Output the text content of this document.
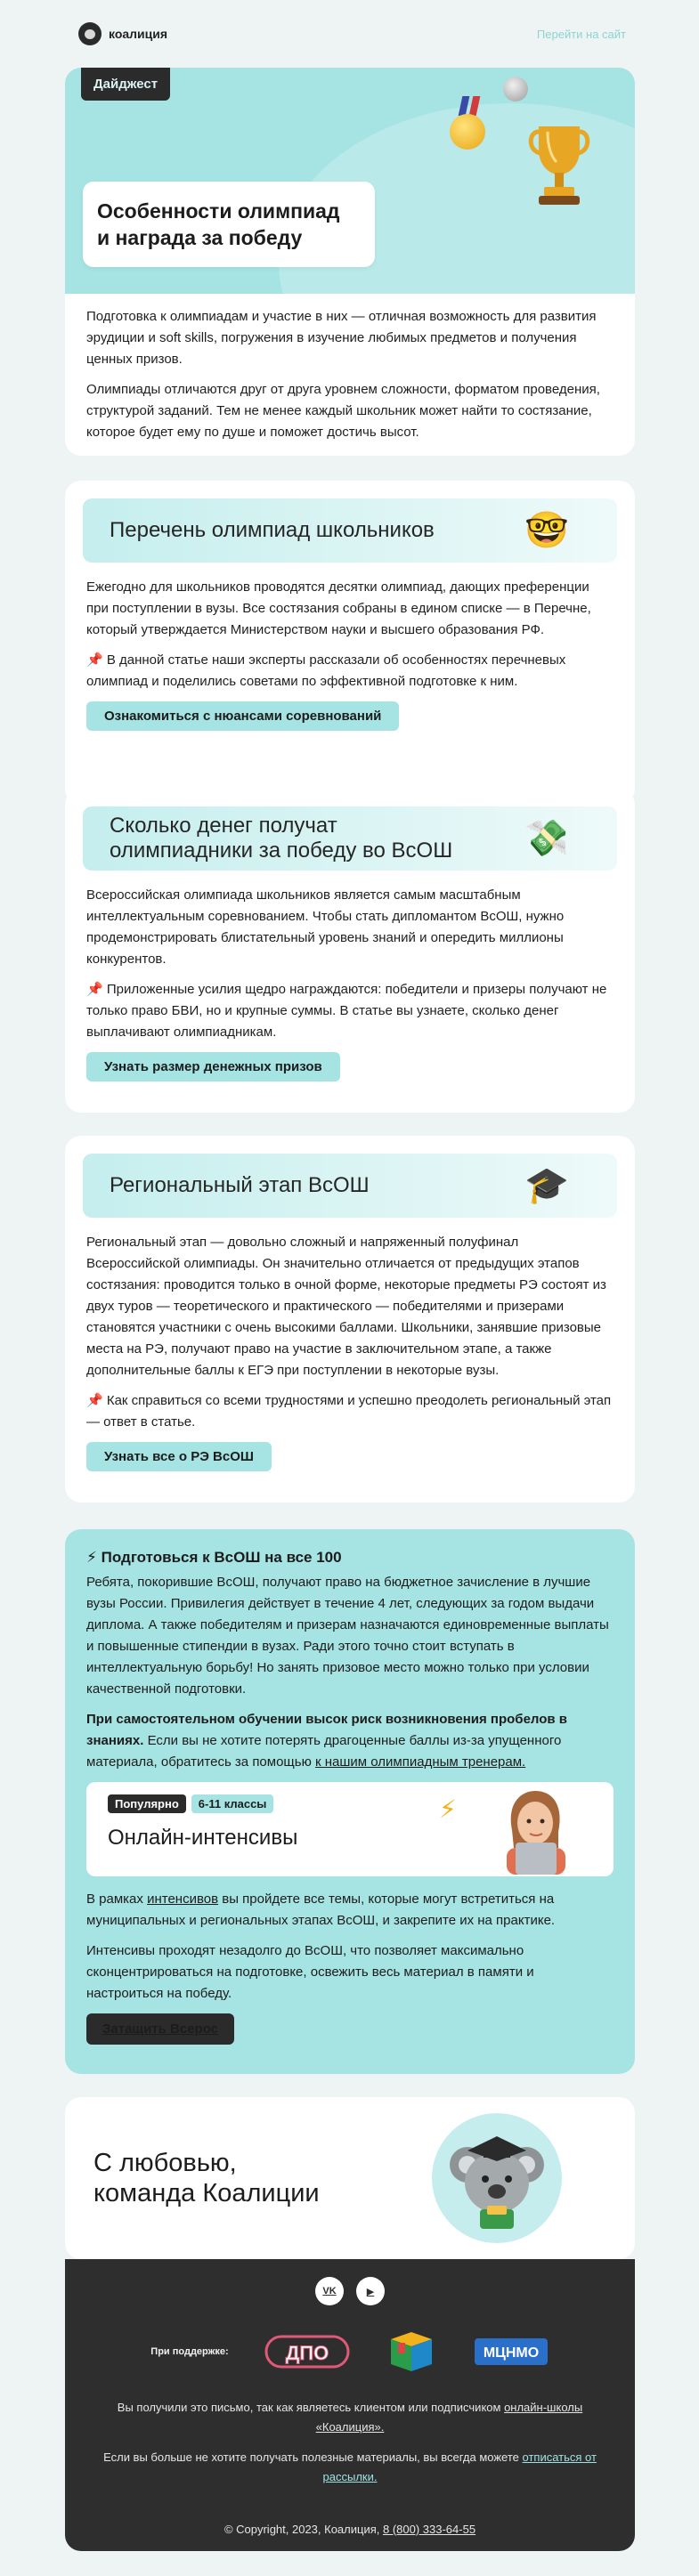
коалиция	Перейти на сайт
Дайджест
Особенности олимпиад
и награда за победу

Подготовка к олимпиадам и участие в них — отличная возможность для развития эрудиции и soft skills, погружения в изучение любимых предметов и получения ценных призов.

Олимпиады отличаются друг от друга уровнем сложности, форматом проведения, структурой заданий. Тем не менее каждый школьник может найти то состязание, которое будет ему по душе и поможет достичь высот.

Перечень олимпиад школьников	🤓

Ежегодно для школьников проводятся десятки олимпиад, дающих преференции при поступлении в вузы. Все состязания собраны в едином списке — в Перечне, который утверждается Министерством науки и высшего образования РФ.

📌 В данной статье наши эксперты рассказали об особенностях перечневых олимпиад и поделились советами по эффективной подготовке к ним.

Ознакомиться с нюансами соревнований
Сколько денег получат
олимпиадники за победу во ВсОШ 💸

Всероссийская олимпиада школьников является самым масштабным интеллектуальным соревнованием. Чтобы стать дипломантом ВсОШ, нужно продемонстрировать блистательный уровень знаний и опередить миллионы конкурентов.

📌 Приложенные усилия щедро награждаются: победители и призеры получают не только право БВИ, но и крупные суммы. В статье вы узнаете, сколько денег выплачивают олимпиадникам.

Узнать размер денежных призов
Региональный этап ВсОШ	🎓

Региональный этап — довольно сложный и напряженный полуфинал Всероссийской олимпиады. Он значительно отличается от предыдущих этапов состязания: проводится только в очной форме, некоторые предметы РЭ состоят из двух туров — теоретического и практического — победителями и призерами становятся участники с очень высокими баллами. Школьники, занявшие призовые места на РЭ, получают право на участие в заключительном этапе, а также дополнительные баллы к ЕГЭ при поступлении в некоторые вузы.

📌 Как справиться со всеми трудностями и успешно преодолеть региональный этап — ответ в статье.

Узнать все о РЭ ВсОШ
⚡ Подготовься к ВсОШ на все 100

Ребята, покорившие ВсОШ, получают право на бюджетное зачисление в лучшие вузы России. Привилегия действует в течение 4 лет, следующих за годом выдачи диплома. А также победителям и призерам назначаются единовременные выплаты и повышенные стипендии в вузах. Ради этого точно стоит вступать в интеллектуальную борьбу! Но занять призовое место можно только при условии качественной подготовки.

При самостоятельном обучении высок риск возникновения пробелов в знаниях. Если вы не хотите потерять драгоценные баллы из-за упущенного материала, обратитесь за помощью к нашим олимпиадным тренерам.

Популярно	6-11 классы
Онлайн-интенсивы
⚡

В рамках интенсивов вы пройдете все темы, которые могут встретиться на муниципальных и региональных этапах ВсОШ, и закрепите их на практике.

Интенсивы проходят незадолго до ВсОШ, что позволяет максимально сконцентрироваться на подготовке, освежить весь материал в памяти и настроиться на победу.

Затащить Всерос
С любовью,
команда Коалиции
VK	▶
При поддержке:	ДПО	МЦНМО
Вы получили это письмо, так как являетесь клиентом или подписчиком онлайн-школы «Коалиция».
Если вы больше не хотите получать полезные материалы, вы всегда можете отписаться от рассылки.
© Copyright, 2023, Коалиция, 8 (800) 333-64-55
